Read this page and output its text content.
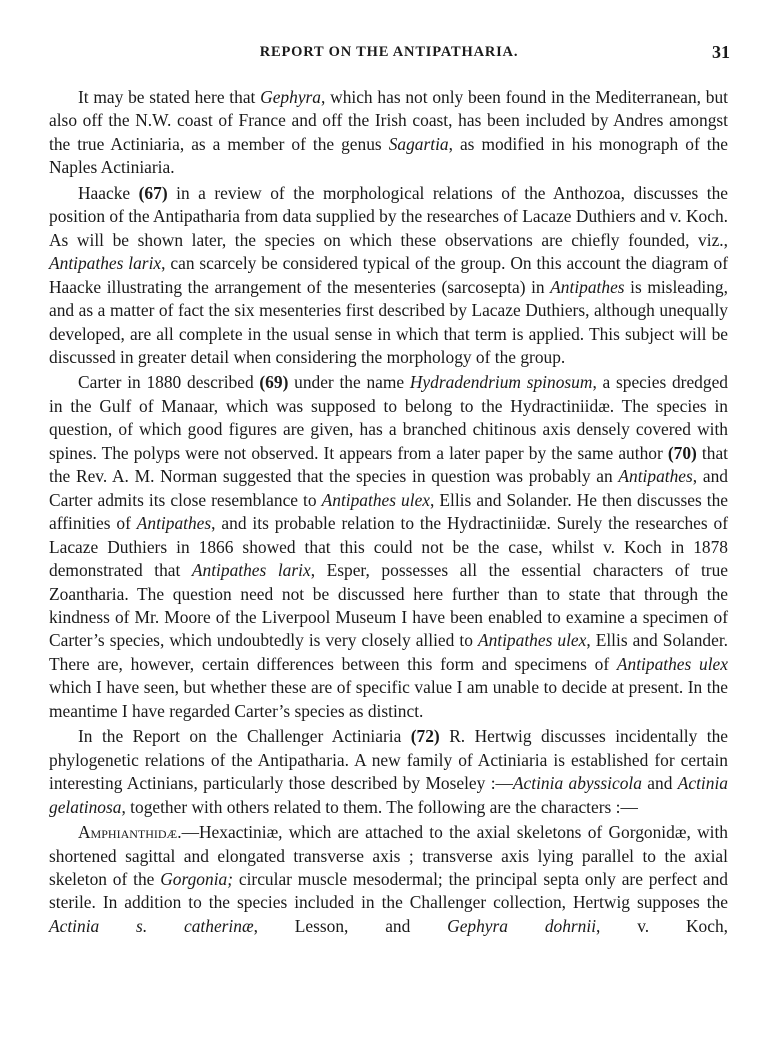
REPORT ON THE ANTIPATHARIA.	31

It may be stated here that Gephyra, which has not only been found in the Mediterranean, but also off the N.W. coast of France and off the Irish coast, has been included by Andres amongst the true Actiniaria, as a member of the genus Sagartia, as modified in his monograph of the Naples Actiniaria.

Haacke (67) in a review of the morphological relations of the Anthozoa, discusses the position of the Antipatharia from data supplied by the researches of Lacaze Duthiers and v. Koch. As will be shown later, the species on which these observations are chiefly founded, viz., Antipathes larix, can scarcely be considered typical of the group. On this account the diagram of Haacke illustrating the arrangement of the mesenteries (sarcosepta) in Antipathes is misleading, and as a matter of fact the six mesenteries first described by Lacaze Duthiers, although unequally developed, are all complete in the usual sense in which that term is applied. This subject will be discussed in greater detail when considering the morphology of the group.

Carter in 1880 described (69) under the name Hydradendrium spinosum, a species dredged in the Gulf of Manaar, which was supposed to belong to the Hydractiniidæ. The species in question, of which good figures are given, has a branched chitinous axis densely covered with spines. The polyps were not observed. It appears from a later paper by the same author (70) that the Rev. A. M. Norman suggested that the species in question was probably an Antipathes, and Carter admits its close resemblance to Antipathes ulex, Ellis and Solander. He then discusses the affinities of Antipathes, and its probable relation to the Hydractiniidæ. Surely the researches of Lacaze Duthiers in 1866 showed that this could not be the case, whilst v. Koch in 1878 demonstrated that Antipathes larix, Esper, possesses all the essential characters of true Zoantharia. The question need not be discussed here further than to state that through the kindness of Mr. Moore of the Liverpool Museum I have been enabled to examine a specimen of Carter’s species, which undoubtedly is very closely allied to Antipathes ulex, Ellis and Solander. There are, however, certain differences between this form and specimens of Antipathes ulex which I have seen, but whether these are of specific value I am unable to decide at present. In the meantime I have regarded Carter’s species as distinct.

In the Report on the Challenger Actiniaria (72) R. Hertwig discusses incidentally the phylogenetic relations of the Antipatharia. A new family of Actiniaria is established for certain interesting Actinians, particularly those described by Moseley :—Actinia abyssicola and Actinia gelatinosa, together with others related to them. The following are the characters :—

Amphianthidæ.—Hexactiniæ, which are attached to the axial skeletons of Gorgonidæ, with shortened sagittal and elongated transverse axis ; transverse axis lying parallel to the axial skeleton of the Gorgonia; circular muscle mesodermal; the principal septa only are perfect and sterile. In addition to the species included in the Challenger collection, Hertwig supposes the Actinia s. catherinæ, Lesson, and Gephyra dohrnii, v. Koch,
